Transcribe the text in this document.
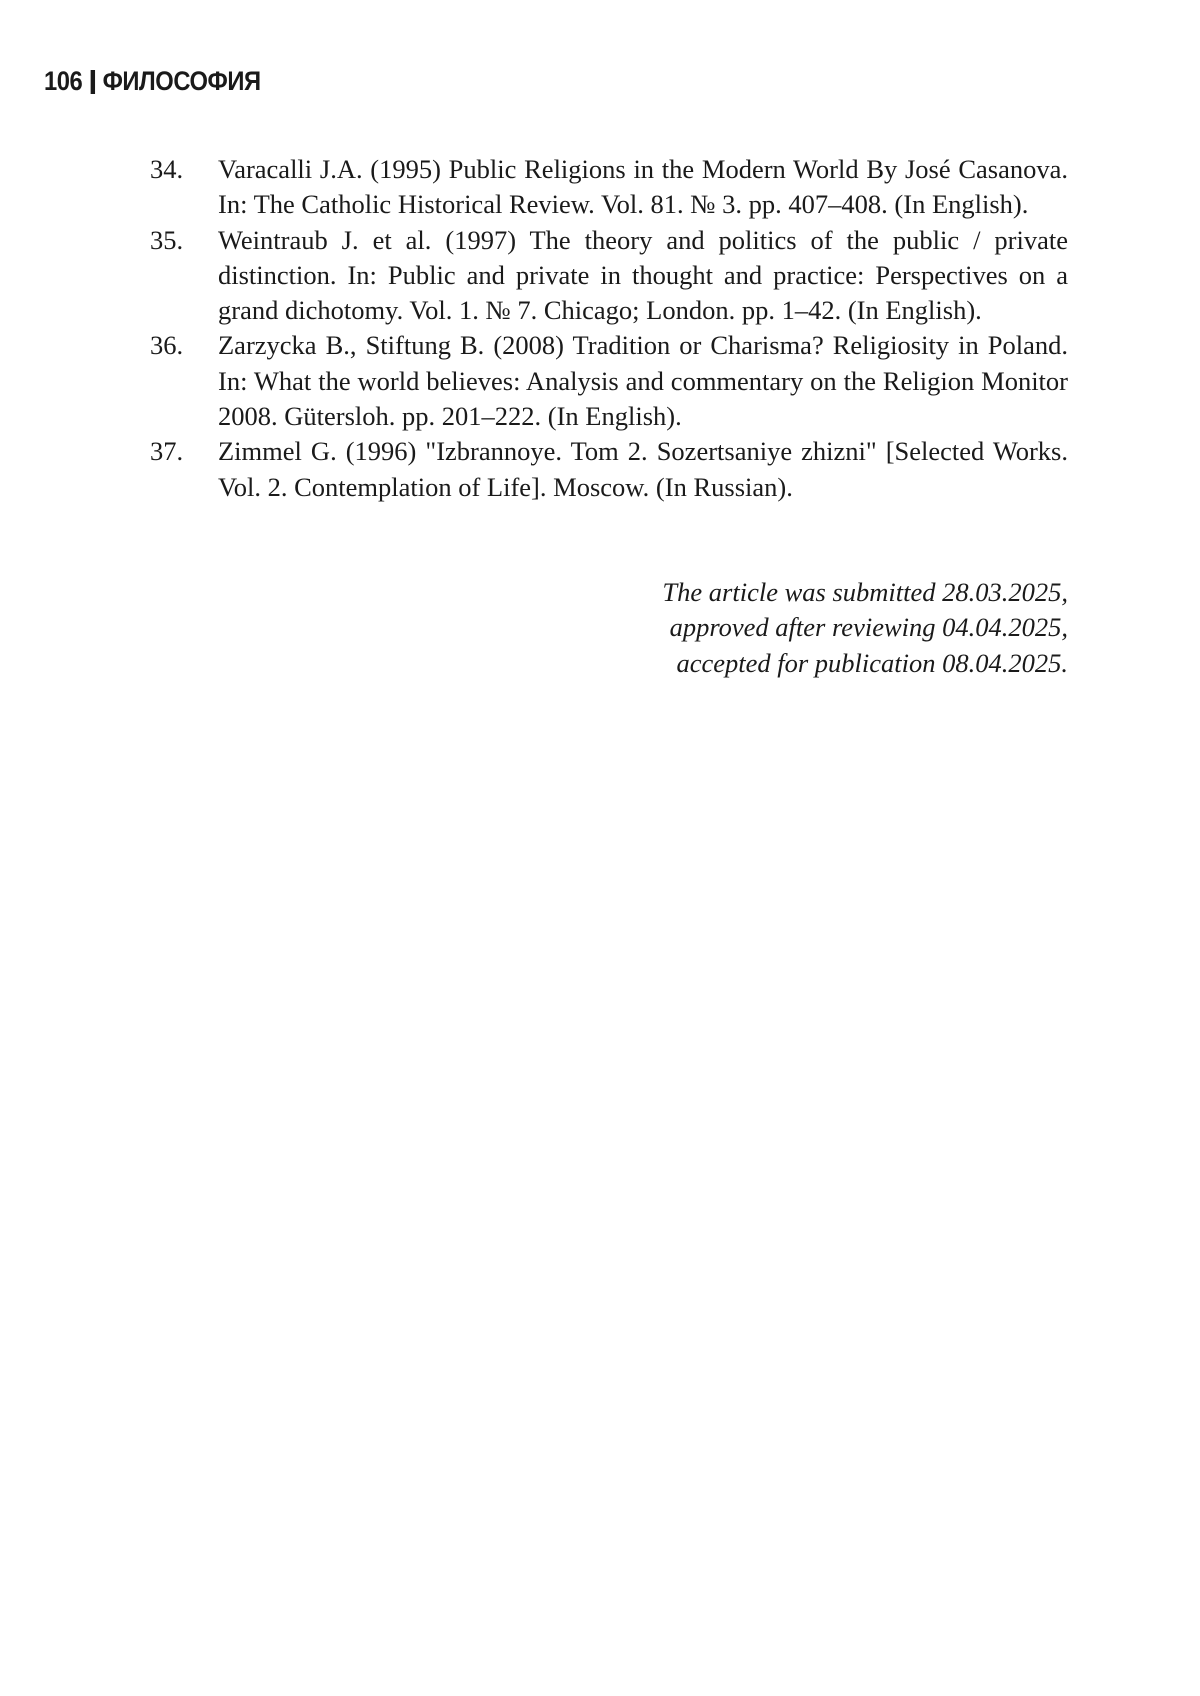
106 ФИЛОСОФИЯ
34.	Varacalli J.A. (1995) Public Religions in the Modern World By José Casanova. In: The Catholic Historical Review. Vol. 81. № 3. pp. 407–408. (In English).
35.	Weintraub J. et al. (1997) The theory and politics of the public / private distinction. In: Public and private in thought and practice: Perspectives on a grand dichotomy. Vol. 1. № 7. Chicago; London. pp. 1–42. (In English).
36.	Zarzycka B., Stiftung B. (2008) Tradition or Charisma? Religiosity in Poland. In: What the world believes: Analysis and commentary on the Religion Monitor 2008. Gütersloh. pp. 201–222. (In English).
37.	Zimmel G. (1996) "Izbrannoye. Tom 2. Sozertsaniye zhizni" [Selected Works. Vol. 2. Contemplation of Life]. Moscow. (In Russian).
The article was submitted 28.03.2025,
approved after reviewing 04.04.2025,
accepted for publication 08.04.2025.
